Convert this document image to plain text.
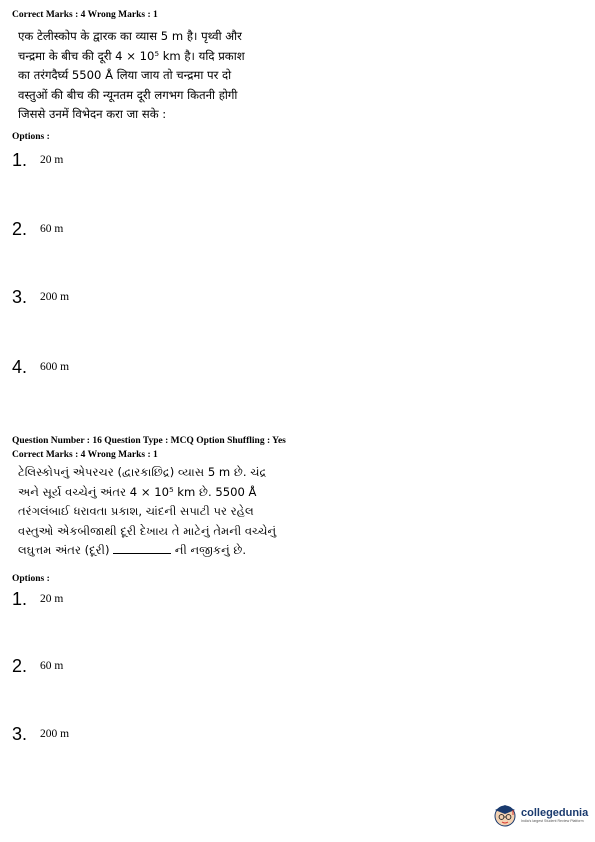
Correct Marks : 4 Wrong Marks : 1
एक टेलीस्कोप के द्वारक का व्यास 5 m है। पृथ्वी और
चन्द्रमा के बीच की दूरी 4 × 10⁵ km है। यदि प्रकाश
का तरंगदैर्घ्य 5500 Å लिया जाय तो चन्द्रमा पर दो
वस्तुओं की बीच की न्यूनतम दूरी लगभग कितनी होगी
जिससे उनमें विभेदन करा जा सके :
Options :
1.	20 m
2.	60 m
3.	200 m
4.	600 m
Question Number : 16 Question Type : MCQ Option Shuffling : Yes
Correct Marks : 4 Wrong Marks : 1
ટેલિસ્કોપનું એપરચર (દ્વારકાછિદ્ર) વ્યાસ 5 m છે. ચંદ્ર
અને સૂર્ય વચ્ચેનું અંતર 4 × 10⁵ km છે. 5500 Å
તરંગલંબાઈ ધરાવતા પ્રકાશ, ચાંદની સપાટી પર રહેલ
વસ્તુઓ એકબીજાથી દૂરી દેખાય તે માટેનું તેમની વચ્ચેનું
લઘુત્તમ અંતર (દૂરી)	ની નજીકનું છે.
Options :
1.	20 m
2.	60 m
3.	200 m
collegedunia
India's largest Student Review Platform
